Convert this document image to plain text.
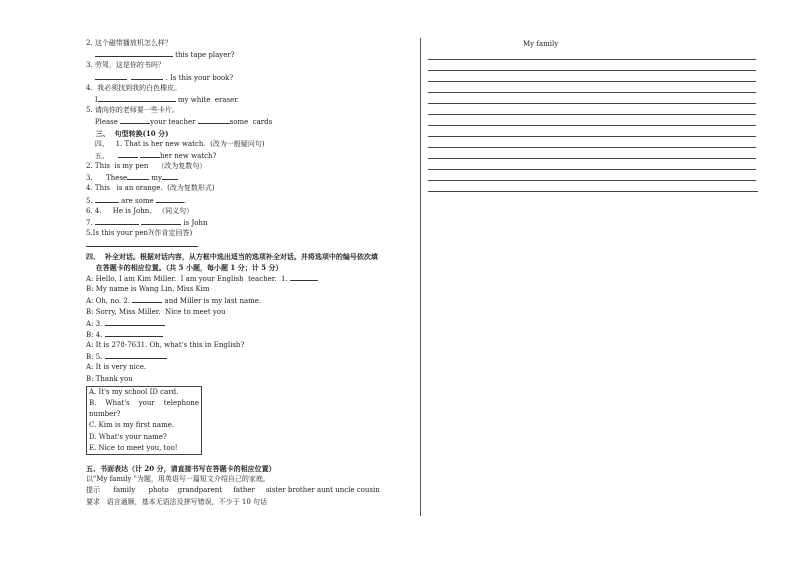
2. 这个磁带播放机怎么样？
this tape player?
3. 劳驾，这是你的书吗？
. Is this your book?
4.  我必须找到我的白色橡皮。
I	my white  eraser.
5. 请向你的老师要一些卡片。
Please	your teacher	some  cards
三、  句型转换(10 分)
四、   1. That is her new watch.  (改为一般疑问句)
五、	her new watch?
2. This  is my pen    （改为复数句）
3.      These	my
4. This   is an orange.  (改为复数形式)
5.	are some	.
6. 4.     He is John.   （同义句）
7.	is John
5.Is this your pen?(作肯定回答)
四、  补全对话。根据对话内容，从方框中选出适当的选项补全对话。并将选项中的编号依次填
在答题卡的相应位置。（共 5 小题，每小题 1 分；计 5 分）
A: Hello, I am Kim Miller.  I am your English  teacher.  1.
B: My name is Wang Lin, Miss Kim
A: Oh, no. 2.	and Miller is my last name.
B: Sorry, Miss Miller.  Nice to meet you
A: 3.
B: 4.
A: It is 278-7631. Oh, what's this in English?
B: 5.
A: It is very nice.
B: Thank you
A. It's my school ID card.
B. What's your telephone
number?
C. Kim is my first name.
D. What's your name?
E. Nice to meet you, too!
五、书面表达（计 20 分，请直接书写在答题卡的相应位置）
以"My family "为题，用英语写一篇短文介绍自己的家庭。
提示      family      photo    grandparent     father     sister brother aunt uncle cousin
要求   语言通顺，基本无语法及拼写错误，不少于 10 句话
My family
